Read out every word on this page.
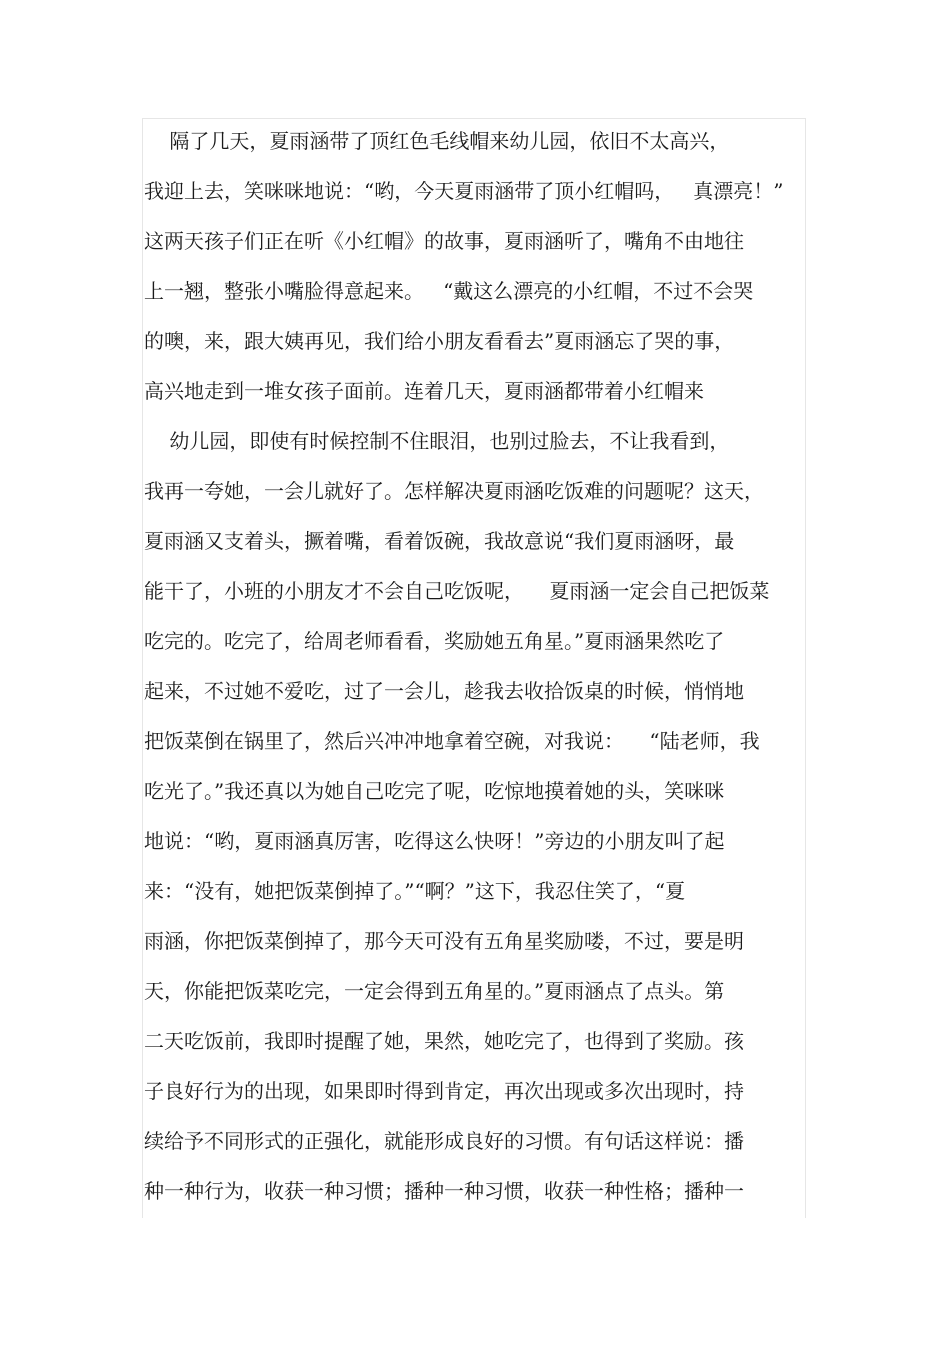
隔了几天，夏雨涵带了顶红色毛线帽来幼儿园，依旧不太高兴，
我迎上去，笑咪咪地说：“哟，今天夏雨涵带了顶小红帽吗，   真漂亮！”
这两天孩子们正在听《小红帽》的故事，夏雨涵听了，嘴角不由地往
上一翘，整张小嘴脸得意起来。   “戴这么漂亮的小红帽，不过不会哭
的噢，来，跟大姨再见，我们给小朋友看看去”夏雨涵忘了哭的事，
高兴地走到一堆女孩子面前。连着几天，夏雨涵都带着小红帽来
幼儿园，即使有时候控制不住眼泪，也别过脸去，不让我看到，
我再一夸她，一会儿就好了。怎样解决夏雨涵吃饭难的问题呢？这天，
夏雨涵又支着头，撅着嘴，看着饭碗，我故意说“我们夏雨涵呀，最
能干了，小班的小朋友才不会自己吃饭呢，    夏雨涵一定会自己把饭菜
吃完的。吃完了，给周老师看看，奖励她五角星。”夏雨涵果然吃了
起来，不过她不爱吃，过了一会儿，趁我去收拾饭桌的时候，悄悄地
把饭菜倒在锅里了，然后兴冲冲地拿着空碗，对我说：    “陆老师，我
吃光了。”我还真以为她自己吃完了呢，吃惊地摸着她的头，笑咪咪
地说：“哟，夏雨涵真厉害，吃得这么快呀！”旁边的小朋友叫了起
来：“没有，她把饭菜倒掉了。”“啊？”这下，我忍住笑了，“夏
雨涵，你把饭菜倒掉了，那今天可没有五角星奖励喽，不过，要是明
天，你能把饭菜吃完，一定会得到五角星的。”夏雨涵点了点头。第
二天吃饭前，我即时提醒了她，果然，她吃完了，也得到了奖励。孩
子良好行为的出现，如果即时得到肯定，再次出现或多次出现时，持
续给予不同形式的正强化，就能形成良好的习惯。有句话这样说：播
种一种行为，收获一种习惯；播种一种习惯，收获一种性格；播种一
